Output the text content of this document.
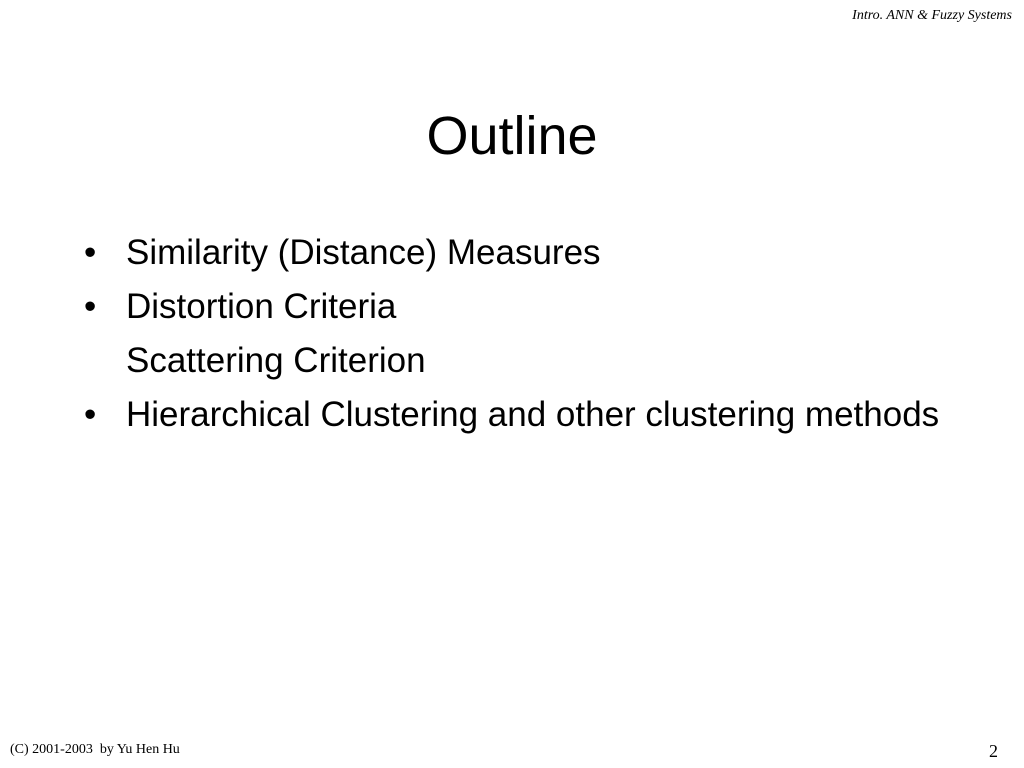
Intro. ANN & Fuzzy Systems
Outline
• Similarity (Distance) Measures
• Distortion Criteria
Scattering Criterion
• Hierarchical Clustering and other clustering methods
(C) 2001-2003  by Yu Hen Hu	2
